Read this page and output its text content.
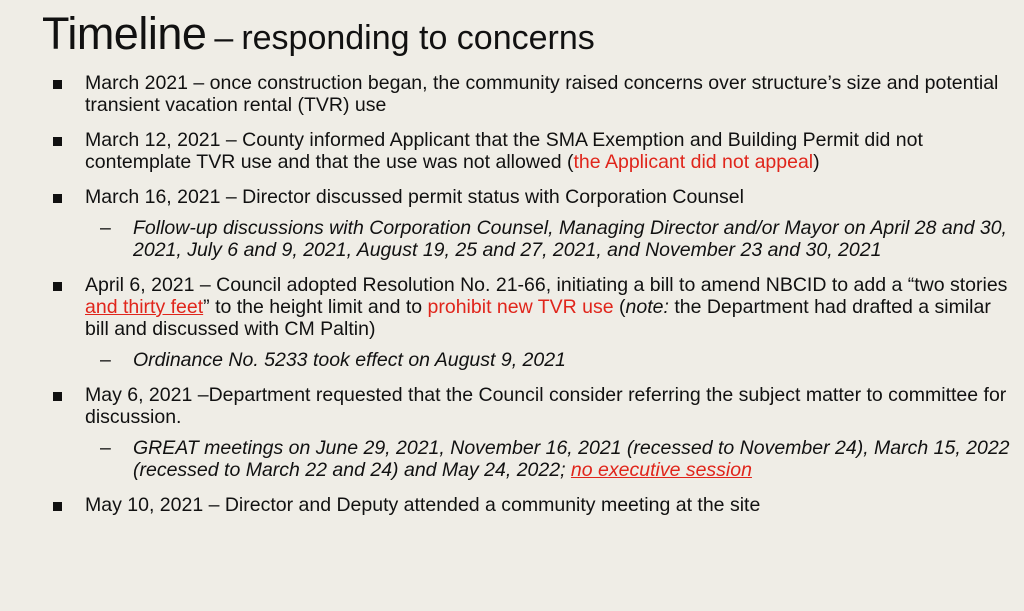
Timeline – responding to concerns
March 2021 – once construction began, the community raised concerns over structure’s size and potential transient vacation rental (TVR) use
March 12, 2021 – County informed Applicant that the SMA Exemption and Building Permit did not contemplate TVR use and that the use was not allowed (the Applicant did not appeal)
March 16, 2021 – Director discussed permit status with Corporation Counsel
– Follow-up discussions with Corporation Counsel, Managing Director and/or Mayor on April 28 and 30, 2021, July 6 and 9, 2021, August 19, 25 and 27, 2021, and November 23 and 30, 2021
April 6, 2021 – Council adopted Resolution No. 21-66, initiating a bill to amend NBCID to add a “two stories and thirty feet” to the height limit and to prohibit new TVR use (note: the Department had drafted a similar bill and discussed with CM Paltin)
– Ordinance No. 5233 took effect on August 9, 2021
May 6, 2021 –Department requested that the Council consider referring the subject matter to committee for discussion.
– GREAT meetings on June 29, 2021, November 16, 2021 (recessed to November 24), March 15, 2022 (recessed to March 22 and 24) and May 24, 2022; no executive session
May 10, 2021 – Director and Deputy attended a community meeting at the site
